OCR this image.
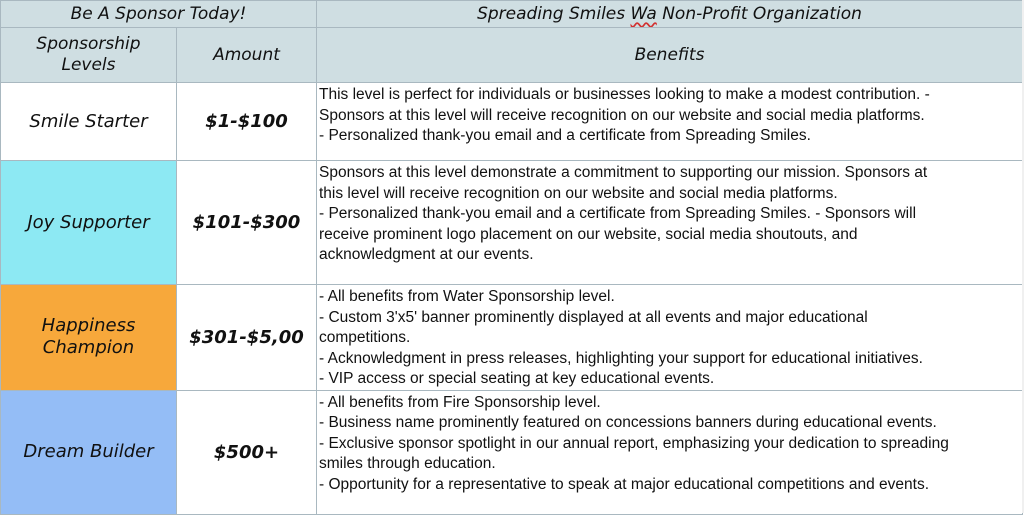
Be A Sponsor Today!		Spreading Smiles Wa Non-Profit Organization

Sponsorship
Levels	Amount	Benefits

Smile Starter	$1-$100	This level is perfect for individuals or businesses looking to make a modest contribution. -
Sponsors at this level will receive recognition on our website and social media platforms.
- Personalized thank-you email and a certificate from Spreading Smiles.

Joy Supporter	$101-$300	Sponsors at this level demonstrate a commitment to supporting our mission. Sponsors at
this level will receive recognition on our website and social media platforms.
- Personalized thank-you email and a certificate from Spreading Smiles. - Sponsors will
receive prominent logo placement on our website, social media shoutouts, and
acknowledgment at our events.

Happiness
Champion	$301-$5,00	- All benefits from Water Sponsorship level.
- Custom 3'x5' banner prominently displayed at all events and major educational
competitions.
- Acknowledgment in press releases, highlighting your support for educational initiatives.
- VIP access or special seating at key educational events.

Dream Builder	$500+	- All benefits from Fire Sponsorship level.
- Business name prominently featured on concessions banners during educational events.
- Exclusive sponsor spotlight in our annual report, emphasizing your dedication to spreading
smiles through education.
- Opportunity for a representative to speak at major educational competitions and events.
